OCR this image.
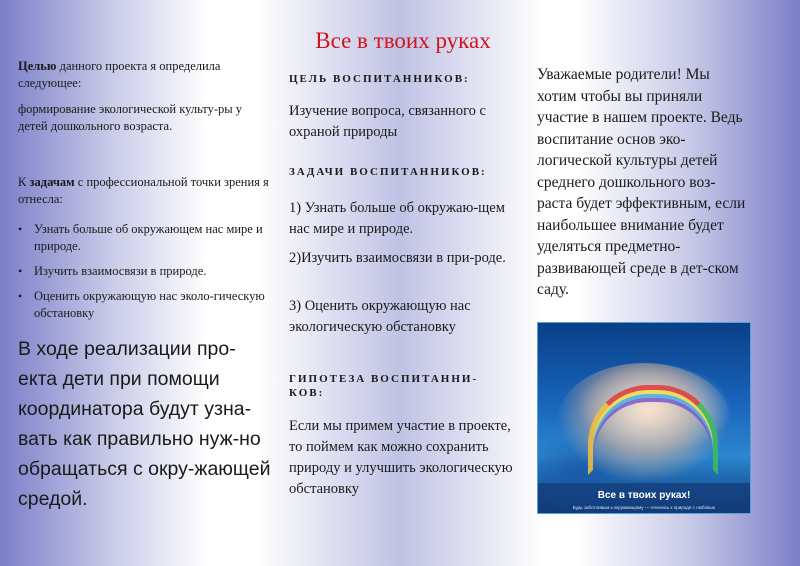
Все в твоих руках

Целью данного проекта я определила следующее:

формирование экологической культу-ры у детей дошкольного возраста.

К задачам с профессиональной точки зрения я отнесла:

• Узнать больше об окружающем нас мире и природе.
• Изучить взаимосвязи в природе.
• Оценить окружающую нас эколо-гическую обстановку
В ходе реализации про-екта дети при помощи координатора будут узна-вать как правильно нуж-но обращаться с окру-жающей средой.
ЦЕЛЬ ВОСПИТАННИКОВ:

Изучение вопроса, связанного с охраной природы

ЗАДАЧИ ВОСПИТАННИКОВ:

1) Узнать больше об окружаю-щем нас мире и природе.

2)Изучить взаимосвязи в при-роде.

3) Оценить окружающую нас экологическую обстановку

ГИПОТЕЗА ВОСПИТАННИ-КОВ:

Если мы примем участие в проекте, то поймем как можно сохранить природу и улучшить экологическую обстановку

Уважаемые родители! Мы хотим чтобы вы приняли участие в нашем проекте. Ведь воспитание основ эко-логической культуры детей среднего дошкольного воз-раста будет эффективным, если наибольшее внимание будет уделяться предметно-развивающей среде в дет-ском саду.

Все в твоих руках!
Будь заботливым к окружающему — отнесись к природе с любовью
